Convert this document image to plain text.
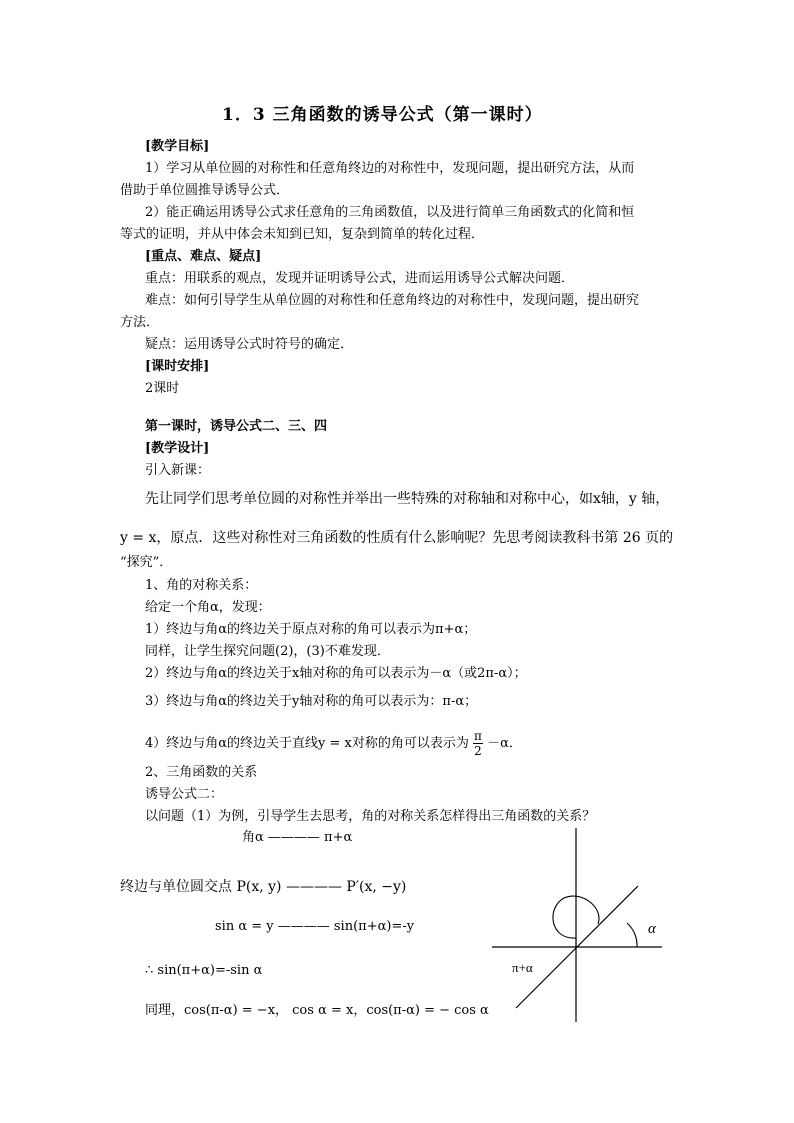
1．3 三角函数的诱导公式（第一课时）
[教学目标]
1）学习从单位圆的对称性和任意角终边的对称性中，发现问题，提出研究方法，从而
借助于单位圆推导诱导公式．
2）能正确运用诱导公式求任意角的三角函数值，以及进行简单三角函数式的化简和恒
等式的证明，并从中体会未知到已知，复杂到简单的转化过程．
[重点、难点、疑点]
重点：用联系的观点，发现并证明诱导公式，进而运用诱导公式解决问题．
难点：如何引导学生从单位圆的对称性和任意角终边的对称性中，发现问题，提出研究
方法．
疑点：运用诱导公式时符号的确定．
[课时安排]
2课时
第一课时，诱导公式二、三、四
[教学设计]
引入新课：
先让同学们思考单位圆的对称性并举出一些特殊的对称轴和对称中心，如x轴，y 轴，
y = x，原点．这些对称性对三角函数的性质有什么影响呢？先思考阅读教科书第 26 页的
“探究”．
1、角的对称关系：
给定一个角α，发现：
1）终边与角α的终边关于原点对称的角可以表示为π+α；
同样，让学生探究问题(2)，(3)不难发现．
2）终边与角α的终边关于x轴对称的角可以表示为－α（或2π-α）；
3）终边与角α的终边关于y轴对称的角可以表示为：π-α；
4）终边与角α的终边关于直线y = x对称的角可以表示为 $\frac{\pi}{2} -\alpha$．
2、三角函数的关系
诱导公式二：
以问题（1）为例，引导学生去思考，角的对称关系怎样得出三角函数的关系？
角α ———— π+α
终边与单位圆交点 P(x, y) ———— P′(x, −y)
sin α = y ———— sin(π+α)=-y
∴ sin(π+α)=-sin α
同理，cos(π-α) = −x， cos α = x，cos(π-α) = − cos α
α
π+α
